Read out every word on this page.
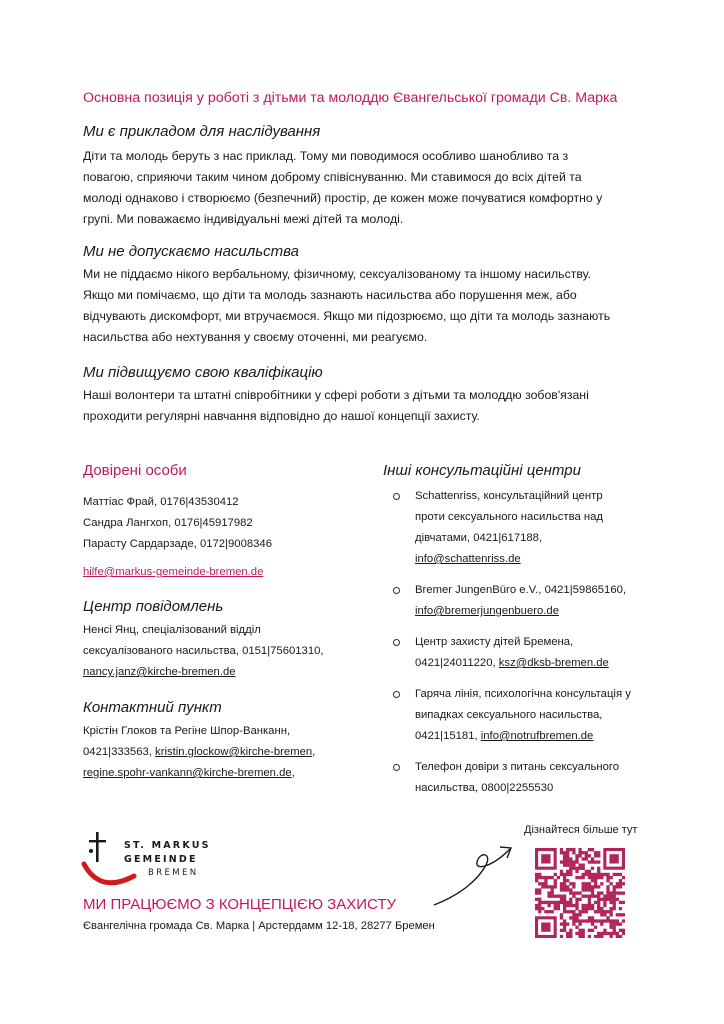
Основна позиція у роботі з дітьми та молоддю Євангельської громади Св. Марка
Ми є прикладом для наслідування
Діти та молодь беруть з нас приклад. Тому ми поводимося особливо шанобливо та з
повагою, сприяючи таким чином доброму співіснуванню. Ми ставимося до всіх дітей та
молоді однаково і створюємо (безпечний) простір, де кожен може почуватися комфортно у
групі. Ми поважаємо індивідуальні межі дітей та молоді.
Ми не допускаємо насильства
Ми не піддаємо нікого вербальному, фізичному, сексуалізованому та іншому насильству.
Якщо ми помічаємо, що діти та молодь зазнають насильства або порушення меж, або
відчувають дискомфорт, ми втручаємося. Якщо ми підозрюємо, що діти та молодь зазнають
насильства або нехтування у своєму оточенні, ми реагуємо.
Ми підвищуємо свою кваліфікацію
Наші волонтери та штатні співробітники у сфері роботи з дітьми та молоддю зобов'язані
проходити регулярні навчання відповідно до нашої концепції захисту.
Довірені особи
Маттіас Фрай, 0176|43530412
Сандра Лангхоп, 0176|45917982
Парасту Сардарзаде, 0172|9008346
hilfe@markus-gemeinde-bremen.de
Центр повідомлень
Ненсі Янц, спеціалізований відділ
сексуалізованого насильства, 0151|75601310,
nancy.janz@kirche-bremen.de
Контактний пункт
Крістін Глоков та Регіне Шпор-Ванканн,
0421|333563, kristin.glockow@kirche-bremen,
regine.spohr-vankann@kirche-bremen.de,
Інші консультаційні центри
Schattenriss, консультаційний центр
проти сексуального насильства над
дівчатами, 0421|617188,
info@schattenriss.de
Bremer JungenBüro e.V., 0421|59865160,
info@bremerjungenbuero.de
Центр захисту дітей Бремена,
0421|24011220, ksz@dksb-bremen.de
Гаряча лінія, психологічна консультація у
випадках сексуального насильства,
0421|15181, info@notrufbremen.de
Телефон довіри з питань сексуального
насильства, 0800|2255530
ST. MARKUS
GEMEINDE
BREMEN
МИ ПРАЦЮЄМО З КОНЦЕПЦІЄЮ ЗАХИСТУ
Євангелічна громада Св. Марка | Арстердамм 12-18, 28277 Бремен
Дізнайтеся більше тут
